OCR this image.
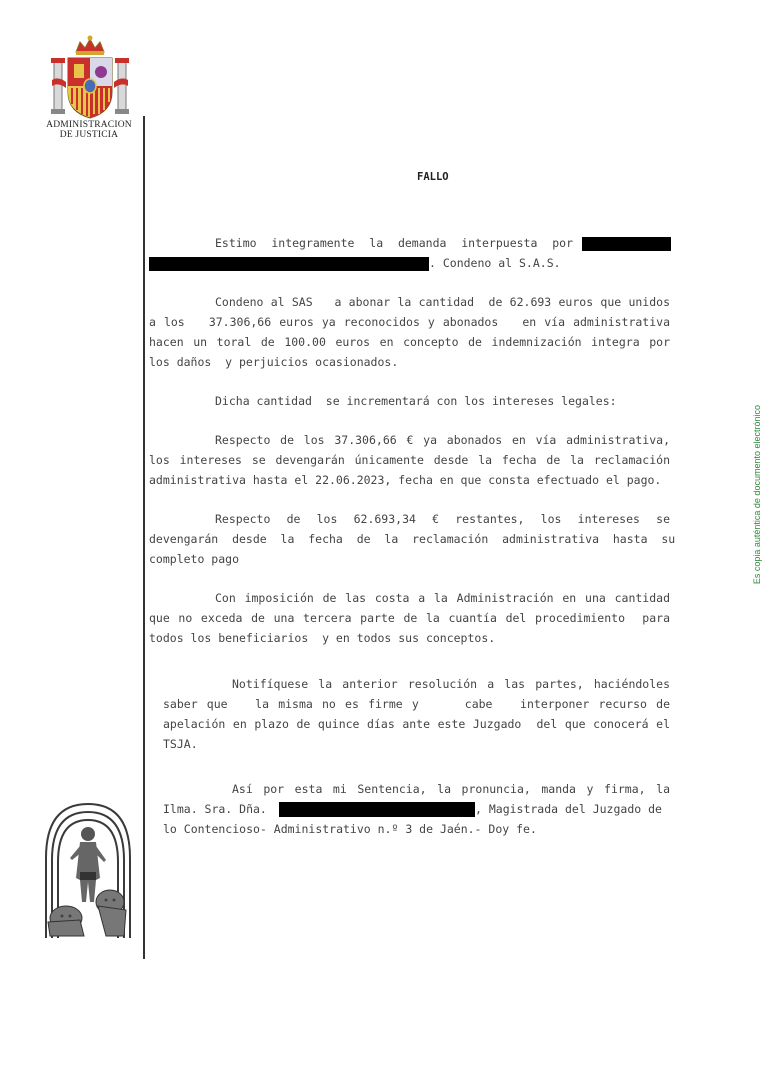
ADMINISTRACION
DE JUSTICIA
Es copia auténtica de documento electrónico
FALLO
Estimo  integramente  la  demanda  interpuesta  por
. Condeno al S.A.S.
Condeno al SAS   a abonar la cantidad  de 62.693 euros que unidos
a los   37.306,66 euros ya reconocidos y abonados   en vía administrativa
hacen un toral de 100.00 euros en concepto de indemnización integra por
los daños  y perjuicios ocasionados.
Dicha cantidad  se incrementará con los intereses legales:
Respecto de los 37.306,66 € ya abonados en vía administrativa,
los intereses se devengarán únicamente desde la fecha de la reclamación
administrativa hasta el 22.06.2023, fecha en que consta efectuado el pago.
Respecto  de  los  62.693,34  €  restantes,  los  intereses  se
devengarán  desde  la  fecha  de  la  reclamación  administrativa  hasta  su
completo pago
Con imposición de las costa a la Administración en una cantidad
que no exceda de una tercera parte de la cuantía del procedimiento  para
todos los beneficiarios  y en todos sus conceptos.
Notifíquese la anterior resolución a las partes, haciéndoles
saber que   la misma no es firme y     cabe   interponer recurso de
apelación en plazo de quince días ante este Juzgado  del que conocerá el
TSJA.
Así por esta mi Sentencia, la pronuncia, manda y firma, la
Ilma. Sra. Dña.	, Magistrada del Juzgado de
lo Contencioso- Administrativo n.º 3 de Jaén.- Doy fe.
